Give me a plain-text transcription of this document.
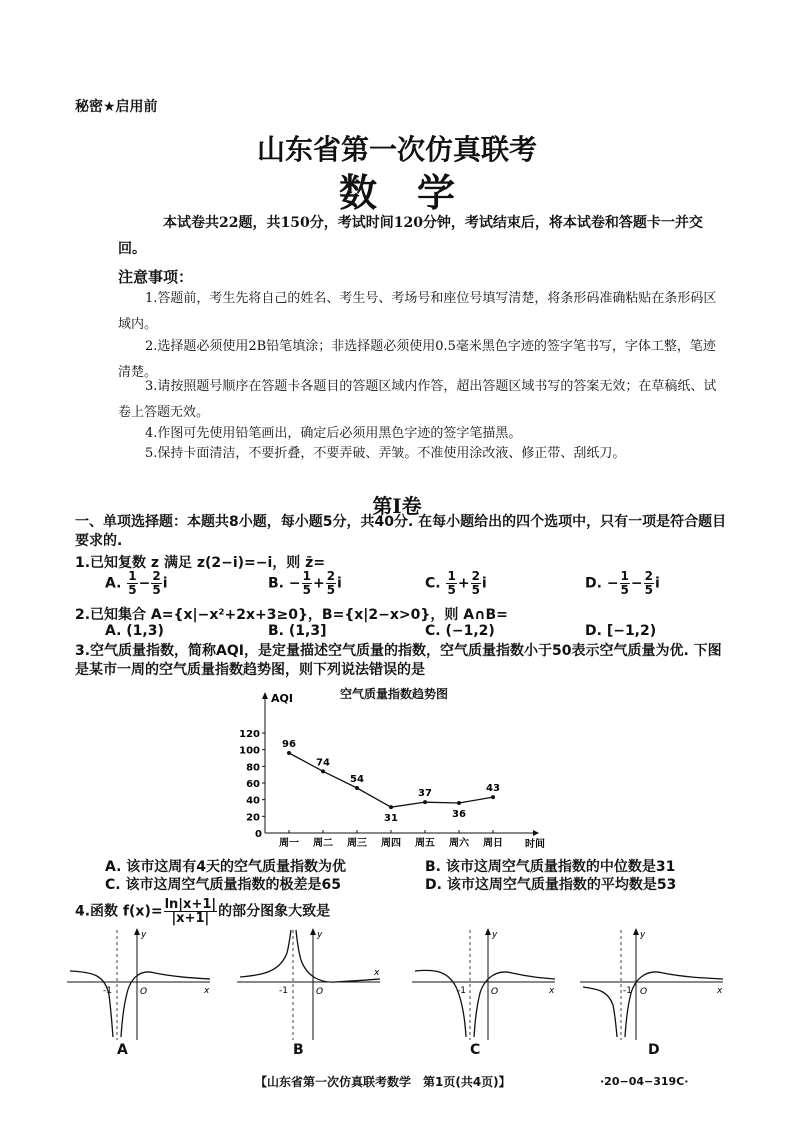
秘密★启用前
山东省第一次仿真联考
数学
本试卷共22题，共150分，考试时间120分钟，考试结束后，将本试卷和答题卡一并交回。
注意事项：
1.答题前，考生先将自己的姓名、考生号、考场号和座位号填写清楚，将条形码准确粘贴在条形码区域内。
2.选择题必须使用2B铅笔填涂；非选择题必须使用0.5毫米黑色字迹的签字笔书写，字体工整，笔迹清楚。
3.请按照题号顺序在答题卡各题目的答题区域内作答，超出答题区域书写的答案无效；在草稿纸、试卷上答题无效。
4.作图可先使用铅笔画出，确定后必须用黑色字迹的签字笔描黑。
5.保持卡面清洁，不要折叠，不要弄破、弄皱。不准使用涂改液、修正带、刮纸刀。
第Ⅰ卷
一、单项选择题：本题共8小题，每小题5分，共40分. 在每小题给出的四个选项中，只有一项是符合题目要求的.
1.已知复数 z 满足 z(2−i)=−i，则 z̄=
A. $\frac{1}{5} - \frac{2}{5}$ i	B. − $\frac{1}{5} + \frac{2}{5}$ i	C. $\frac{1}{5} + \frac{2}{5}$ i	D. − $\frac{1}{5} - \frac{2}{5}$ i
2.已知集合 A={x|−x²+2x+3≥0}，B={x|2−x>0}，则 A∩B=
A. (1,3)	B. (1,3]	C. (−1,2)	D. [−1,2)
3.空气质量指数，简称AQI，是定量描述空气质量的指数，空气质量指数小于50表示空气质量为优. 下图是某市一周的空气质量指数趋势图，则下列说法错误的是
空气质量指数趋势图
20
40
60
80
100
120
周一 周二 周三 周四 周五 周六 周日
96
74
54
31
37
36
43
AQI
时间
0
A. 该市这周有4天的空气质量指数为优	B. 该市这周空气质量指数的中位数是31
C. 该市这周空气质量指数的极差是65	D. 该市这周空气质量指数的平均数是53
4.函数 $f(x)= \frac{\ln|x+1|}{|x+1|}$ 的部分图象大致是
y
x
-1	O
y
x
-1	O
y
x
-1	O
y
x
-1 O
A	B	C	D
【山东省第一次仿真联考数学　第1页(共4页)】	·20−04−319C·
